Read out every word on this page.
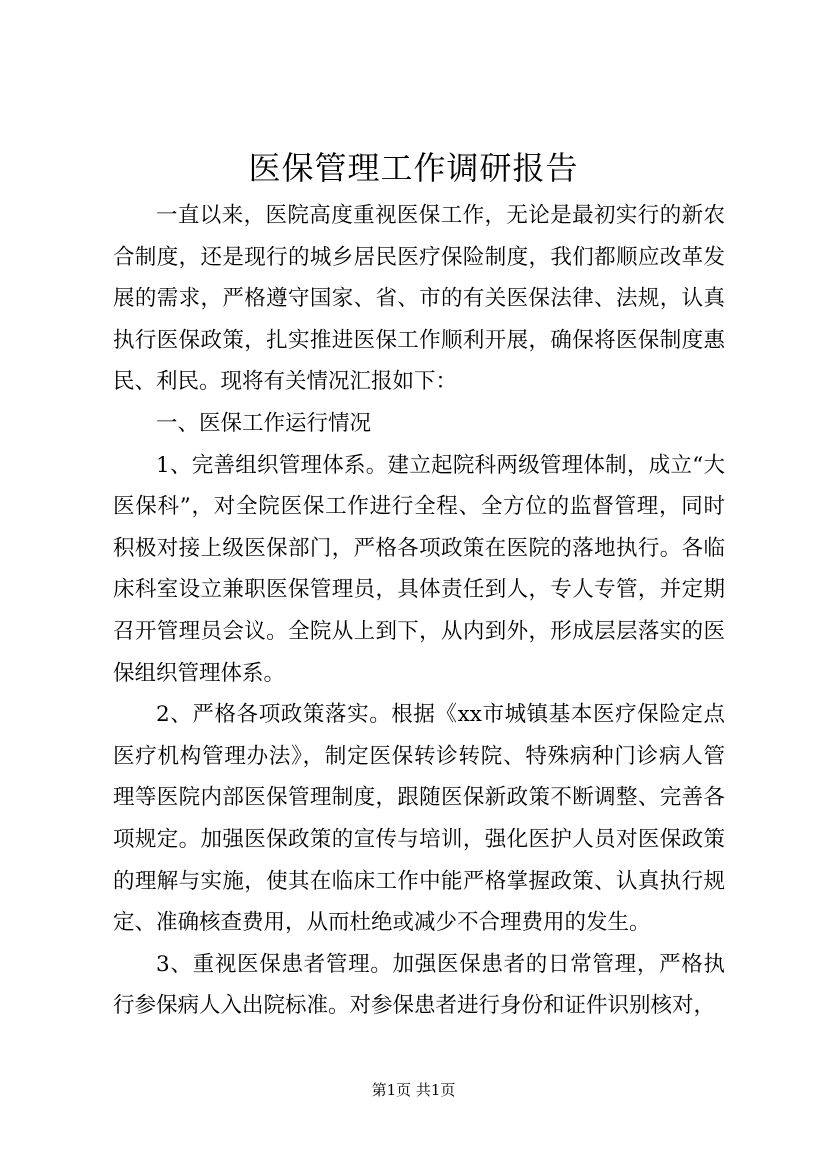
医保管理工作调研报告

一直以来，医院高度重视医保工作，无论是最初实行的新农合制度，还是现行的城乡居民医疗保险制度，我们都顺应改革发展的需求，严格遵守国家、省、市的有关医保法律、法规，认真执行医保政策，扎实推进医保工作顺利开展，确保将医保制度惠民、利民。现将有关情况汇报如下：

一、医保工作运行情况

1、完善组织管理体系。建立起院科两级管理体制，成立“大医保科”，对全院医保工作进行全程、全方位的监督管理，同时积极对接上级医保部门，严格各项政策在医院的落地执行。各临床科室设立兼职医保管理员，具体责任到人，专人专管，并定期召开管理员会议。全院从上到下，从内到外，形成层层落实的医保组织管理体系。

2、严格各项政策落实。根据《xx市城镇基本医疗保险定点医疗机构管理办法》，制定医保转诊转院、特殊病种门诊病人管理等医院内部医保管理制度，跟随医保新政策不断调整、完善各项规定。加强医保政策的宣传与培训，强化医护人员对医保政策的理解与实施，使其在临床工作中能严格掌握政策、认真执行规定、准确核查费用，从而杜绝或减少不合理费用的发生。

3、重视医保患者管理。加强医保患者的日常管理，严格执行参保病人入出院标准。对参保患者进行身份和证件识别核对，

第1页 共1页
